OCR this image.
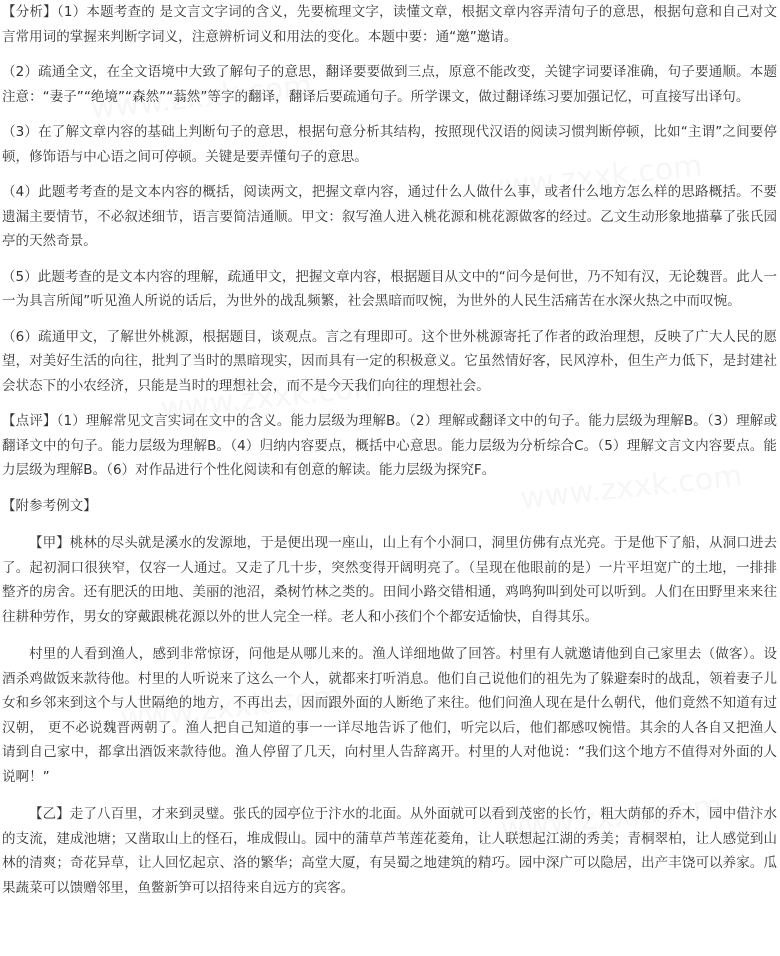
【分析】（1）本题考查的 是文言文字词的含义，先要梳理文字，读懂文章，根据文章内容弄清句子的意思，根据句意和自己对文言常用词的掌握来判断字词义，注意辨析词义和用法的变化。本题中要：通“邀”邀请。

（2）疏通全文，在全文语境中大致了解句子的意思，翻译要要做到三点，原意不能改变，关键字词要译准确，句子要通顺。本题注意：“妻子”“绝境”“森然”“蓊然”等字的翻译，翻译后要疏通句子。所学课文，做过翻译练习要加强记忆，可直接写出译句。

（3）在了解文章内容的基础上判断句子的意思，根据句意分析其结构，按照现代汉语的阅读习惯判断停顿，比如“主谓”之间要停顿，修饰语与中心语之间可停顿。关键是要弄懂句子的意思。

（4）此题考考查的是文本内容的概括，阅读两文，把握文章内容，通过什么人做什么事，或者什么地方怎么样的思路概括。不要遗漏主要情节，不必叙述细节，语言要简洁通顺。甲文：叙写渔人进入桃花源和桃花源做客的经过。乙文生动形象地描摹了张氏园亭的天然奇景。

（5）此题考查的是文本内容的理解，疏通甲文，把握文章内容，根据题目从文中的“问今是何世，乃不知有汉，无论魏晋。此人一一为具言所闻”听见渔人所说的话后，为世外的战乱频繁，社会黑暗而叹惋，为世外的人民生活痛苦在水深火热之中而叹惋。

（6）疏通甲文，了解世外桃源，根据题目，谈观点。言之有理即可。这个世外桃源寄托了作者的政治理想，反映了广大人民的愿望，对美好生活的向往，批判了当时的黑暗现实，因而具有一定的积极意义。它虽然情好客，民风淳朴，但生产力低下，是封建社会状态下的小农经济，只能是当时的理想社会，而不是今天我们向往的理想社会。

【点评】（1）理解常见文言实词在文中的含义。能力层级为理解B。（2）理解或翻译文中的句子。能力层级为理解B。（3）理解或翻译文中的句子。能力层级为理解B。（4）归纳内容要点，概括中心意思。能力层级为分析综合C。（5）理解文言文内容要点。能力层级为理解B。（6）对作品进行个性化阅读和有创意的解读。能力层级为探究F。

【附参考例文】

【甲】桃林的尽头就是溪水的发源地，于是便出现一座山，山上有个小洞口，洞里仿佛有点光亮。于是他下了船，从洞口进去了。起初洞口很狭窄，仅容一人通过。又走了几十步，突然变得开阔明亮了。（呈现在他眼前的是）一片平坦宽广的土地，一排排整齐的房舍。还有肥沃的田地、美丽的池沼，桑树竹林之类的。田间小路交错相通，鸡鸣狗叫到处可以听到。人们在田野里来来往往耕种劳作，男女的穿戴跟桃花源以外的世人完全一样。老人和小孩们个个都安适愉快，自得其乐。

村里的人看到渔人，感到非常惊讶，问他是从哪儿来的。渔人详细地做了回答。村里有人就邀请他到自己家里去（做客）。设酒杀鸡做饭来款待他。村里的人听说来了这么一个人，就都来打听消息。他们自己说他们的祖先为了躲避秦时的战乱，领着妻子儿女和乡邻来到这个与人世隔绝的地方，不再出去，因而跟外面的人断绝了来往。他们问渔人现在是什么朝代，他们竟然不知道有过汉朝， 更不必说魏晋两朝了。渔人把自己知道的事一一详尽地告诉了他们，听完以后，他们都感叹惋惜。其余的人各自又把渔人请到自己家中，都拿出酒饭来款待他。渔人停留了几天，向村里人告辞离开。村里的人对他说：“我们这个地方不值得对外面的人说啊！”

【乙】走了八百里，才来到灵璧。张氏的园亭位于汴水的北面。从外面就可以看到茂密的长竹，粗大荫郁的乔木，园中借汴水的支流，建成池塘；又凿取山上的怪石，堆成假山。园中的蒲草芦苇莲花菱角，让人联想起江湖的秀美；青桐翠柏，让人感觉到山林的清爽；奇花异草，让人回忆起京、洛的繁华；高堂大厦，有吴蜀之地建筑的精巧。园中深广可以隐居，出产丰饶可以养家。瓜果蔬菜可以馈赠邻里，鱼鳖新笋可以招待来自远方的宾客。
